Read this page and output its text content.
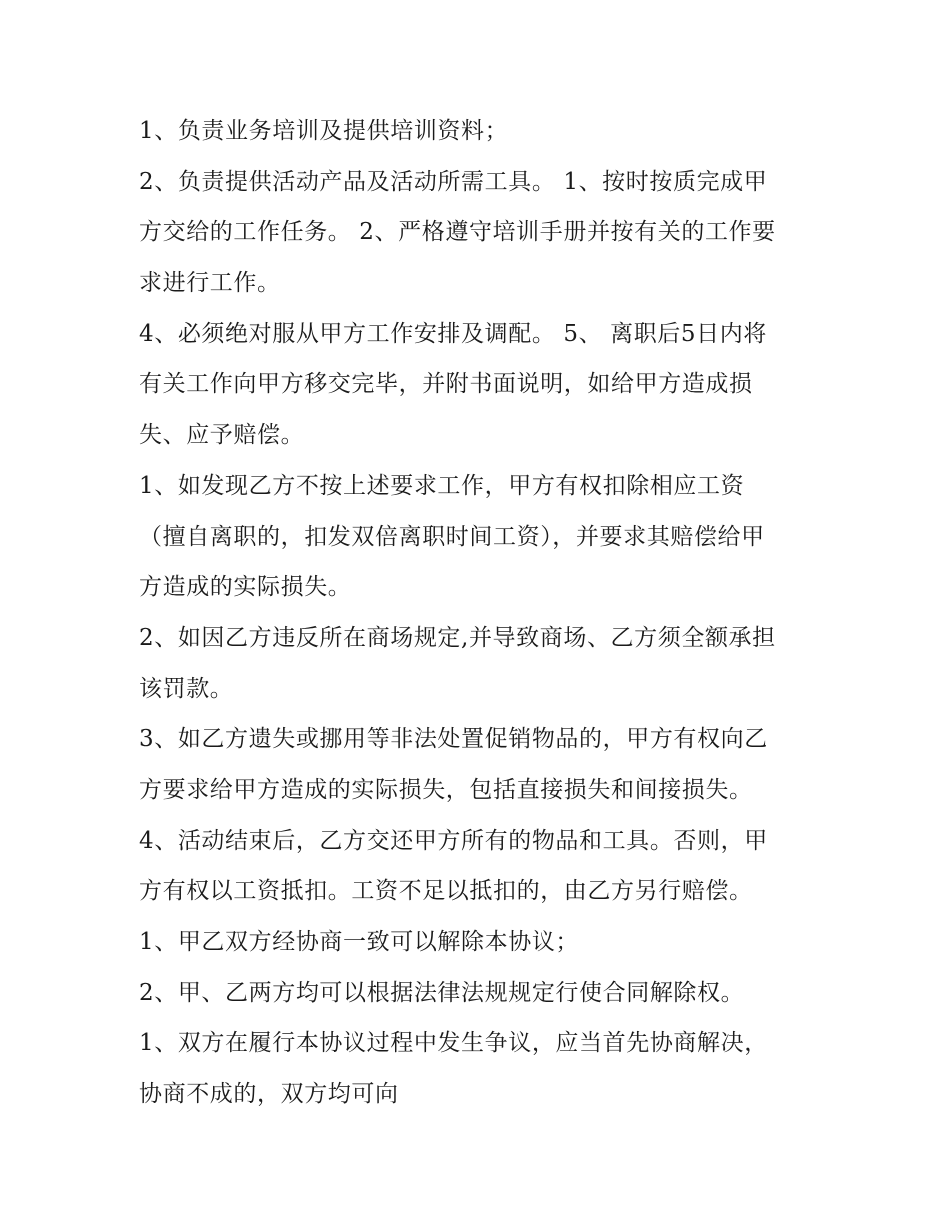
1、负责业务培训及提供培训资料；
2、负责提供活动产品及活动所需工具。 1、按时按质完成甲
方交给的工作任务。 2、严格遵守培训手册并按有关的工作要
求进行工作。
4、必须绝对服从甲方工作安排及调配。 5、 离职后5日内将
有关工作向甲方移交完毕，并附书面说明，如给甲方造成损
失、应予赔偿。
1、如发现乙方不按上述要求工作，甲方有权扣除相应工资
（擅自离职的，扣发双倍离职时间工资），并要求其赔偿给甲
方造成的实际损失。
2、如因乙方违反所在商场规定,并导致商场、乙方须全额承担
该罚款。
3、如乙方遗失或挪用等非法处置促销物品的，甲方有权向乙
方要求给甲方造成的实际损失，包括直接损失和间接损失。
4、活动结束后，乙方交还甲方所有的物品和工具。否则，甲
方有权以工资抵扣。工资不足以抵扣的，由乙方另行赔偿。
1、甲乙双方经协商一致可以解除本协议；
2、甲、乙两方均可以根据法律法规规定行使合同解除权。
1、双方在履行本协议过程中发生争议，应当首先协商解决，
协商不成的，双方均可向
